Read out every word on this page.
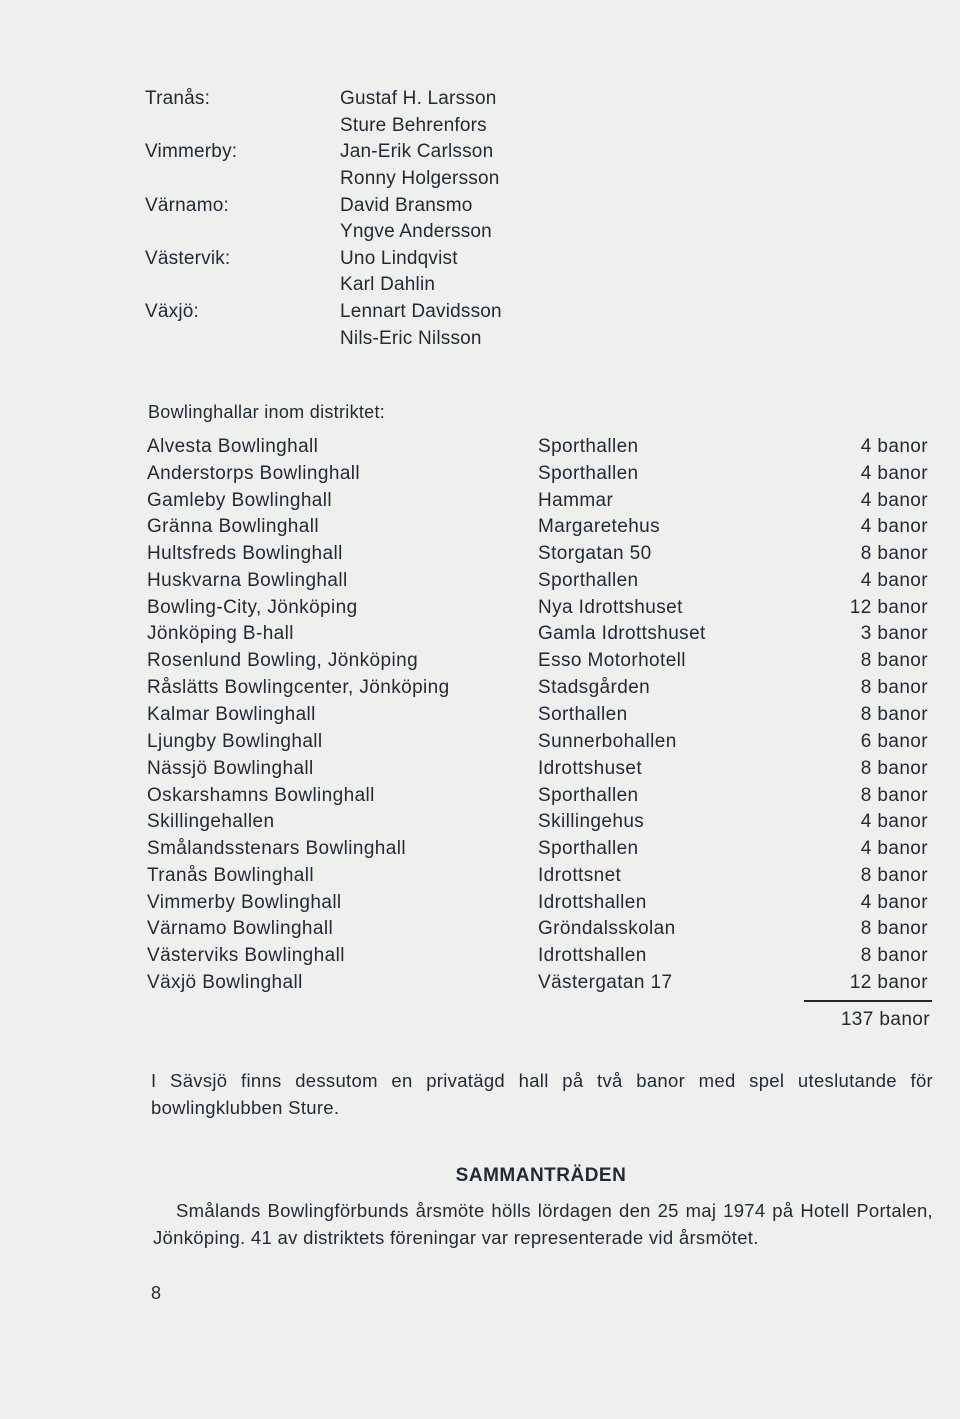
Tranås:	Gustaf H. Larsson
Sture Behrenfors
Vimmerby:	Jan-Erik Carlsson
Ronny Holgersson
Värnamo:	David Bransmo
Yngve Andersson
Västervik:	Uno Lindqvist
Karl Dahlin
Växjö:	Lennart Davidsson
Nils-Eric Nilsson
Bowlinghallar inom distriktet:
Alvesta Bowlinghall	Sporthallen	4 banor
Anderstorps Bowlinghall	Sporthallen	4 banor
Gamleby Bowlinghall	Hammar	4 banor
Gränna Bowlinghall	Margaretehus	4 banor
Hultsfreds Bowlinghall	Storgatan 50	8 banor
Huskvarna Bowlinghall	Sporthallen	4 banor
Bowling-City, Jönköping	Nya Idrottshuset	12 banor
Jönköping B-hall	Gamla Idrottshuset	3 banor
Rosenlund Bowling, Jönköping	Esso Motorhotell	8 banor
Råslätts Bowlingcenter, Jönköping	Stadsgården	8 banor
Kalmar Bowlinghall	Sorthallen	8 banor
Ljungby Bowlinghall	Sunnerbohallen	6 banor
Nässjö Bowlinghall	Idrottshuset	8 banor
Oskarshamns Bowlinghall	Sporthallen	8 banor
Skillingehallen	Skillingehus	4 banor
Smålandsstenars Bowlinghall	Sporthallen	4 banor
Tranås Bowlinghall	Idrottsnet	8 banor
Vimmerby Bowlinghall	Idrottshallen	4 banor
Värnamo Bowlinghall	Gröndalsskolan	8 banor
Västerviks Bowlinghall	Idrottshallen	8 banor
Växjö Bowlinghall	Västergatan 17	12 banor
137 banor
I Sävsjö finns dessutom en privatägd hall på två banor med spel uteslutande för bowlingklubben Sture.
SAMMANTRÄDEN
Smålands Bowlingförbunds årsmöte hölls lördagen den 25 maj 1974 på Hotell Portalen, Jönköping. 41 av distriktets föreningar var representerade vid årsmötet.
8
